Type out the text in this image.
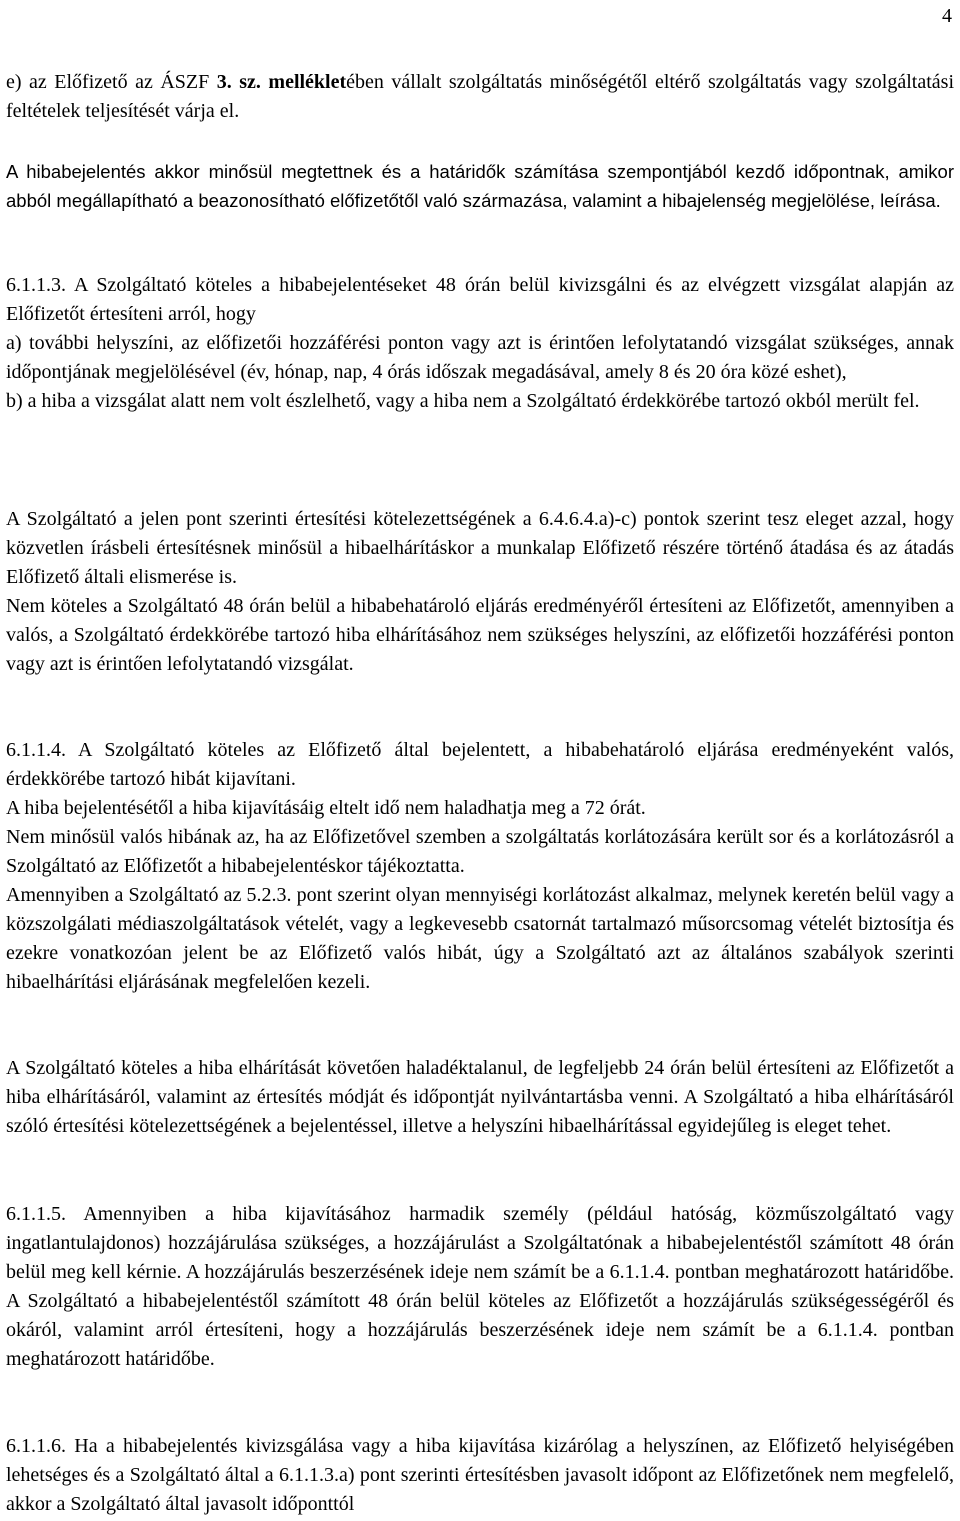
4

e) az Előfizető az ÁSZF 3. sz. mellékletében vállalt szolgáltatás minőségétől eltérő szolgáltatás vagy szolgáltatási feltételek teljesítését várja el.

A hibabejelentés akkor minősül megtettnek és a határidők számítása szempontjából kezdő időpontnak, amikor abból megállapítható a beazonosítható előfizetőtől való származása, valamint a hibajelenség megjelölése, leírása.

6.1.1.3. A Szolgáltató köteles a hibabejelentéseket 48 órán belül kivizsgálni és az elvégzett vizsgálat alapján az Előfizetőt értesíteni arról, hogy

a) további helyszíni, az előfizetői hozzáférési ponton vagy azt is érintően lefolytatandó vizsgálat szükséges, annak időpontjának megjelölésével (év, hónap, nap, 4 órás időszak megadásával, amely 8 és 20 óra közé eshet),

b) a hiba a vizsgálat alatt nem volt észlelhető, vagy a hiba nem a Szolgáltató érdekkörébe tartozó okból merült fel.

A Szolgáltató a jelen pont szerinti értesítési kötelezettségének a 6.4.6.4.a)-c) pontok szerint tesz eleget azzal, hogy közvetlen írásbeli értesítésnek minősül a hibaelhárításkor a munkalap Előfizető részére történő átadása és az átadás Előfizető általi elismerése is.

Nem köteles a Szolgáltató 48 órán belül a hibabehatároló eljárás eredményéről értesíteni az Előfizetőt, amennyiben a valós, a Szolgáltató érdekkörébe tartozó hiba elhárításához nem szükséges helyszíni, az előfizetői hozzáférési ponton vagy azt is érintően lefolytatandó vizsgálat.

6.1.1.4. A Szolgáltató köteles az Előfizető által bejelentett, a hibabehatároló eljárása eredményeként valós, érdekkörébe tartozó hibát kijavítani.

A hiba bejelentésétől a hiba kijavításáig eltelt idő nem haladhatja meg a 72 órát.

Nem minősül valós hibának az, ha az Előfizetővel szemben a szolgáltatás korlátozására került sor és a korlátozásról a Szolgáltató az Előfizetőt a hibabejelentéskor tájékoztatta.

Amennyiben a Szolgáltató az 5.2.3. pont szerint olyan mennyiségi korlátozást alkalmaz, melynek keretén belül vagy a közszolgálati médiaszolgáltatások vételét, vagy a legkevesebb csatornát tartalmazó műsorcsomag vételét biztosítja és ezekre vonatkozóan jelent be az Előfizető valós hibát, úgy a Szolgáltató azt az általános szabályok szerinti hibaelhárítási eljárásának megfelelően kezeli.

A Szolgáltató köteles a hiba elhárítását követően haladéktalanul, de legfeljebb 24 órán belül értesíteni az Előfizetőt a hiba elhárításáról, valamint az értesítés módját és időpontját nyilvántartásba venni. A Szolgáltató a hiba elhárításáról szóló értesítési kötelezettségének a bejelentéssel, illetve a helyszíni hibaelhárítással egyidejűleg is eleget tehet.

6.1.1.5. Amennyiben a hiba kijavításához harmadik személy (például hatóság, közműszolgáltató vagy ingatlantulajdonos) hozzájárulása szükséges, a hozzájárulást a Szolgáltatónak a hibabejelentéstől számított 48 órán belül meg kell kérnie. A hozzájárulás beszerzésének ideje nem számít be a 6.1.1.4. pontban meghatározott határidőbe. A Szolgáltató a hibabejelentéstől számított 48 órán belül köteles az Előfizetőt a hozzájárulás szükségességéről és okáról, valamint arról értesíteni, hogy a hozzájárulás beszerzésének ideje nem számít be a 6.1.1.4. pontban meghatározott határidőbe.

6.1.1.6. Ha a hibabejelentés kivizsgálása vagy a hiba kijavítása kizárólag a helyszínen, az Előfizető helyiségében lehetséges és a Szolgáltató által a 6.1.1.3.a) pont szerinti értesítésben javasolt időpont az Előfizetőnek nem megfelelő, akkor a Szolgáltató által javasolt időponttól
